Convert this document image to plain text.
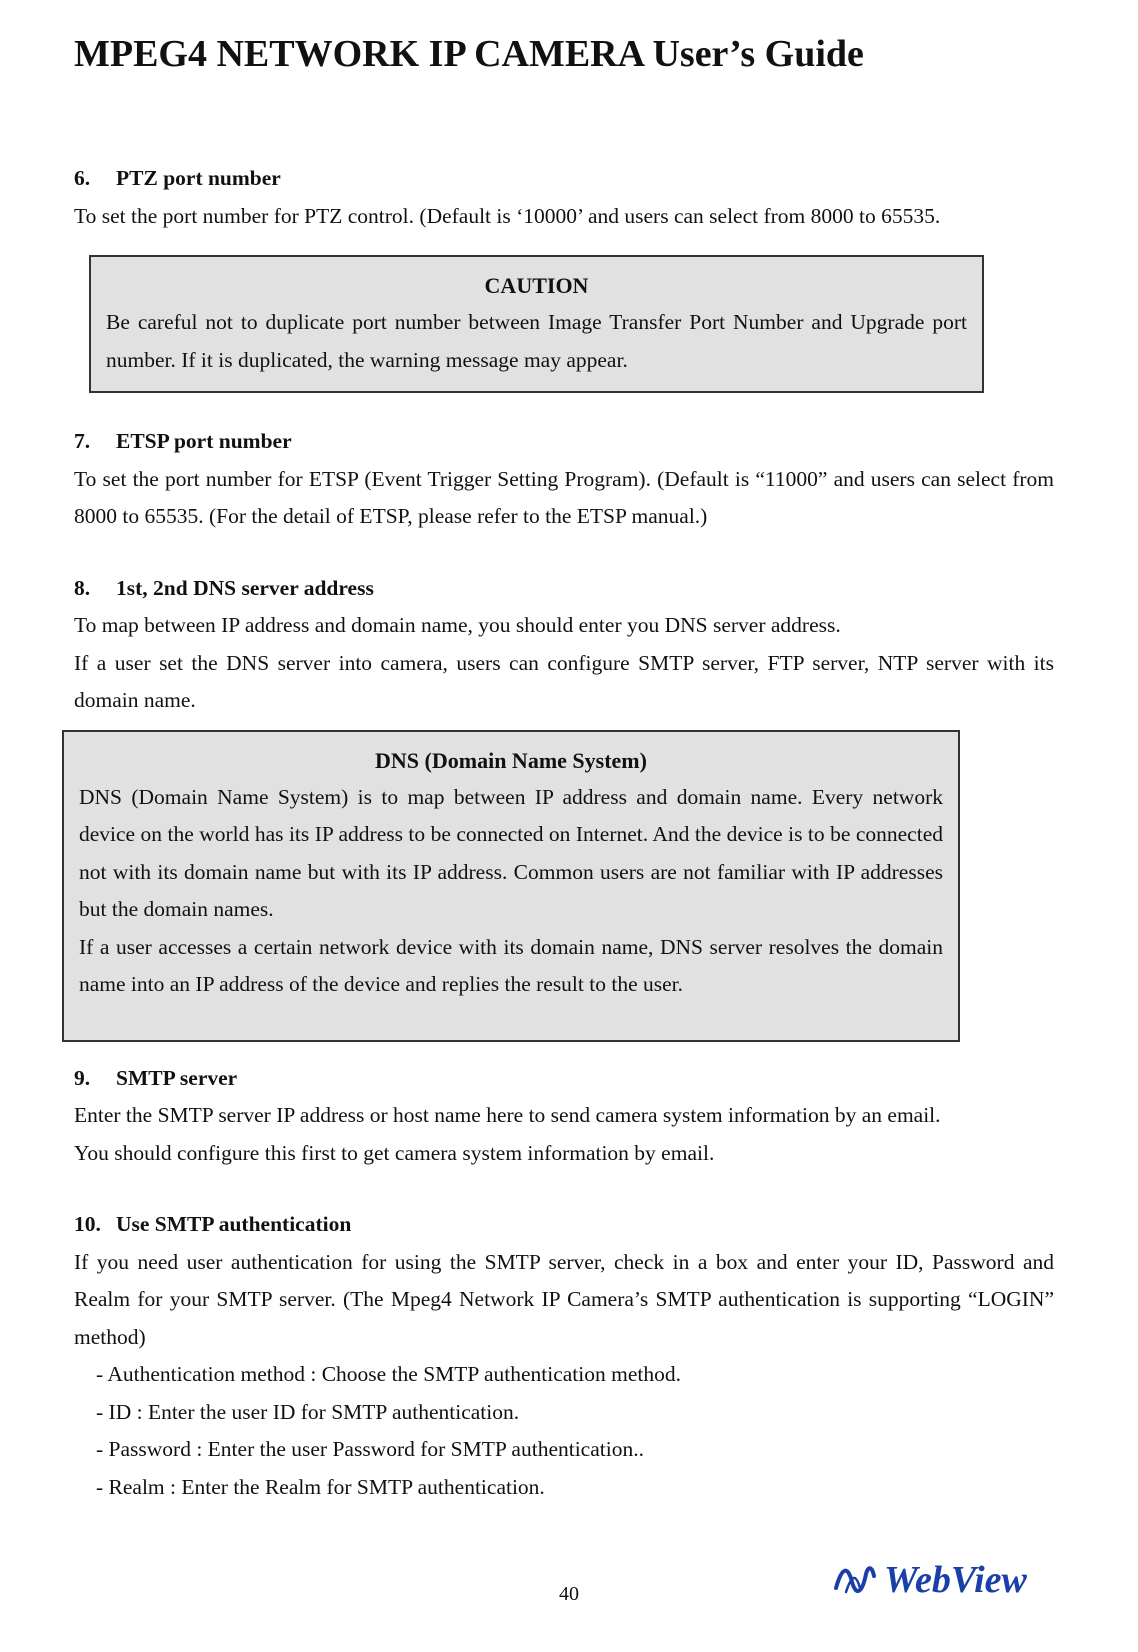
MPEG4 NETWORK IP CAMERA User’s Guide
6. PTZ port number

To set the port number for PTZ control. (Default is ‘10000’ and users can select from 8000 to 65535.

CAUTION

Be careful not to duplicate port number between Image Transfer Port Number and Upgrade port number. If it is duplicated, the warning message may appear.

7. ETSP port number

To set the port number for ETSP (Event Trigger Setting Program). (Default is “11000” and users can select from 8000 to 65535. (For the detail of ETSP, please refer to the ETSP manual.)

8. 1st, 2nd DNS server address

To map between IP address and domain name, you should enter you DNS server address.

If a user set the DNS server into camera, users can configure SMTP server, FTP server, NTP server with its domain name.

DNS (Domain Name System)

DNS (Domain Name System) is to map between IP address and domain name. Every network device on the world has its IP address to be connected on Internet. And the device is to be connected not with its domain name but with its IP address. Common users are not familiar with IP addresses but the domain names.

If a user accesses a certain network device with its domain name, DNS server resolves the domain name into an IP address of the device and replies the result to the user.

9. SMTP server

Enter the SMTP server IP address or host name here to send camera system information by an email.

You should configure this first to get camera system information by email.

10. Use SMTP authentication

If you need user authentication for using the SMTP server, check in a box and enter your ID, Password and Realm for your SMTP server. (The Mpeg4 Network IP Camera’s SMTP authentication is supporting “LOGIN” method)

- Authentication method : Choose the SMTP authentication method.

- ID : Enter the user ID for SMTP authentication.

- Password : Enter the user Password for SMTP authentication..

- Realm : Enter the Realm for SMTP authentication.

40	WebView
